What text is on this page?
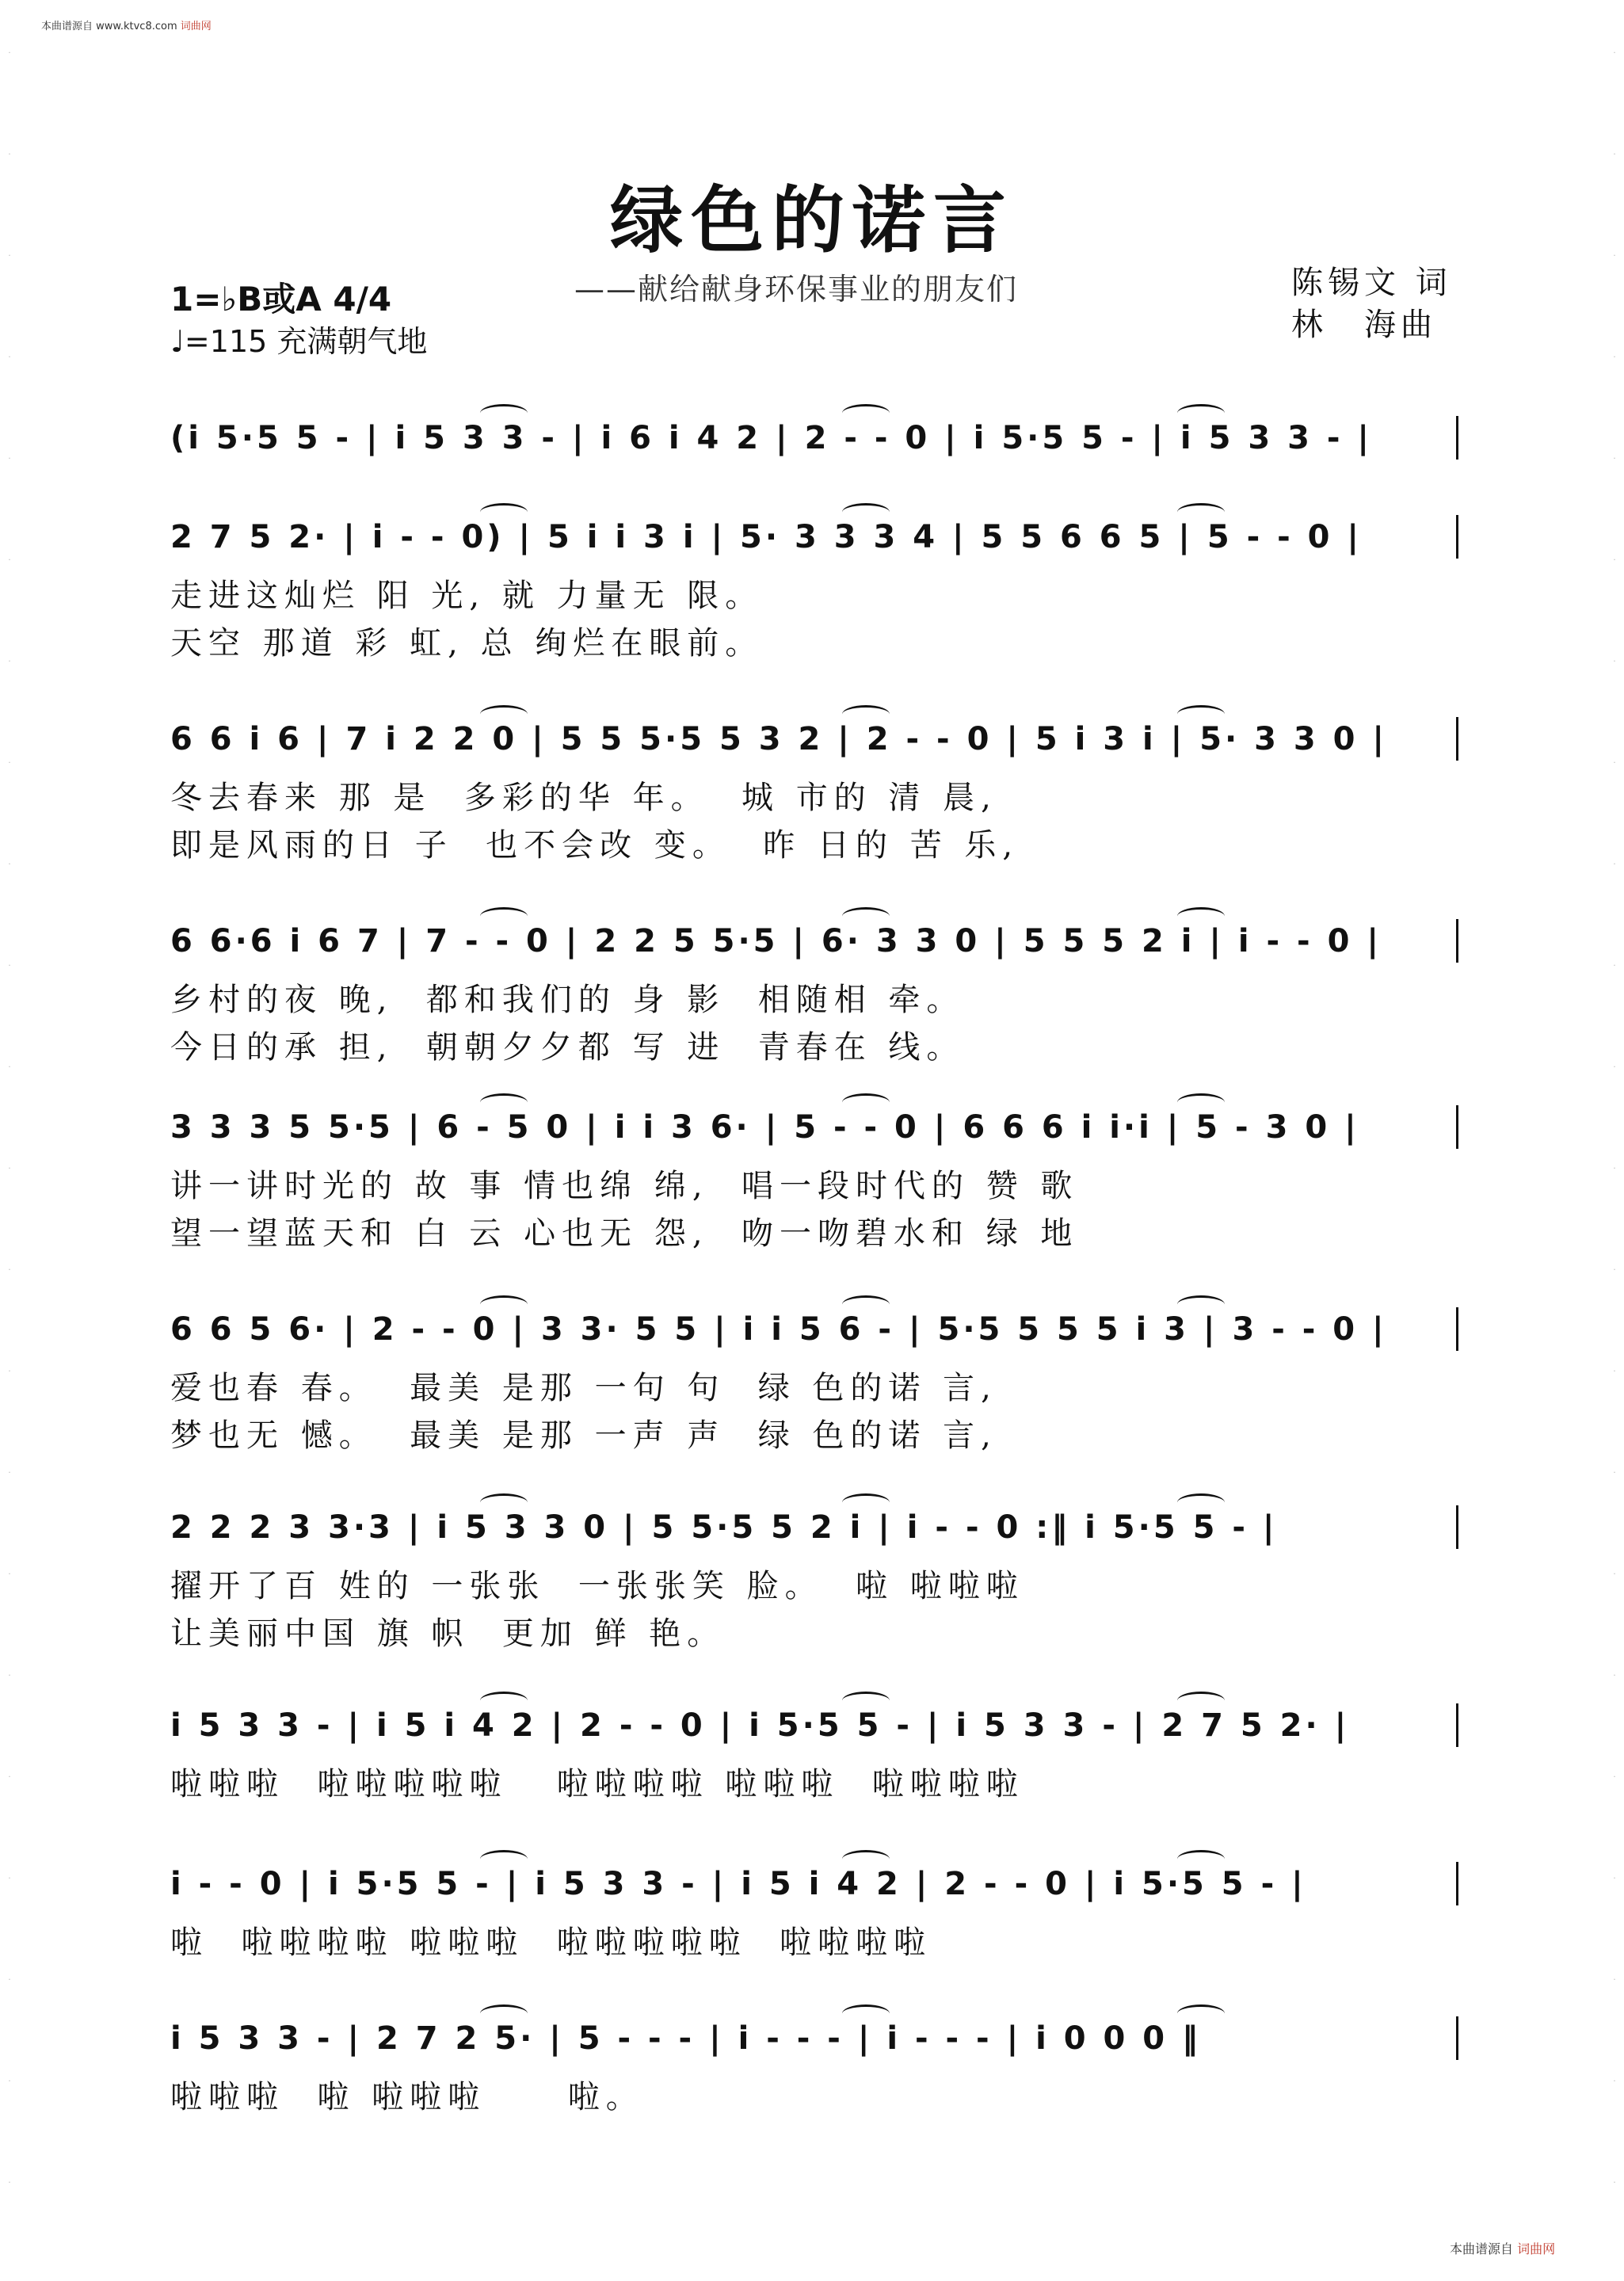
本曲谱源自 www.ktvc8.com 词曲网
绿色的诺言
——献给献身环保事业的朋友们
1=♭B或A 4/4
♩=115 充满朝气地
陈锡文 词
林　海曲
(i 5·5 5 - | i 5 3 3 - | i 6 i 4 2 | 2 - - 0 | i 5·5 5 - | i 5 3 3 - |
2 7 5 2· | i - - 0) | 5 i i 3 i | 5· 3 3 3 4 | 5 5 6 6 5 | 5 - - 0 |
走进这灿烂 阳 光, 就 力量无 限。
天空 那道 彩 虹, 总 绚烂在眼前。
6 6 i 6 | 7 i 2 2 0 | 5 5 5·5 5 3 2 | 2 - - 0 | 5 i 3 i | 5· 3 3 0 |
冬去春来 那 是  多彩的华 年。  城 市的 清 晨,
即是风雨的日 子  也不会改 变。  昨 日的 苦 乐,
6 6·6 i 6 7 | 7 - - 0 | 2 2 5 5·5 | 6· 3 3 0 | 5 5 5 2 i | i - - 0 |
乡村的夜 晚,  都和我们的 身 影  相随相 牵。
今日的承 担,  朝朝夕夕都 写 进  青春在 线。
3 3 3 5 5·5 | 6 - 5 0 | i i 3 6· | 5 - - 0 | 6 6 6 i i·i | 5 - 3 0 |
讲一讲时光的 故 事 情也绵 绵,  唱一段时代的 赞 歌
望一望蓝天和 白 云 心也无 怨,  吻一吻碧水和 绿 地
6 6 5 6· | 2 - - 0 | 3 3· 5 5 | i i 5 6 - | 5·5 5 5 5 i 3 | 3 - - 0 |
爱也春 春。  最美 是那 一句 句  绿 色的诺 言,
梦也无 憾。  最美 是那 一声 声  绿 色的诺 言,
2 2 2 3 3·3 | i 5 3 3 0 | 5 5·5 5 2 i | i - - 0 :‖ i 5·5 5 - |
擢开了百 姓的 一张张  一张张笑 脸。  啦 啦啦啦
让美丽中国 旗 帜  更加 鲜 艳。
i 5 3 3 - | i 5 i 4 2 | 2 - - 0 | i 5·5 5 - | i 5 3 3 - | 2 7 5 2· |
啦啦啦  啦啦啦啦啦   啦啦啦啦 啦啦啦  啦啦啦啦
i - - 0 | i 5·5 5 - | i 5 3 3 - | i 5 i 4 2 | 2 - - 0 | i 5·5 5 - |
啦  啦啦啦啦 啦啦啦  啦啦啦啦啦  啦啦啦啦
i 5 3 3 - | 2 7 2 5· | 5 - - - | i - - - | i - - - | i 0 0 0 ‖
啦啦啦  啦 啦啦啦     啦。
本曲谱源自 词曲网
·	·
·	·
·	·
·	·
·	·
·	·
·	·
·	·
·	·
·	·
·	·
·	·
·	·
·	·
·	·
·	·
·	·
·	·
·	·
·	·
·	·
·	·
